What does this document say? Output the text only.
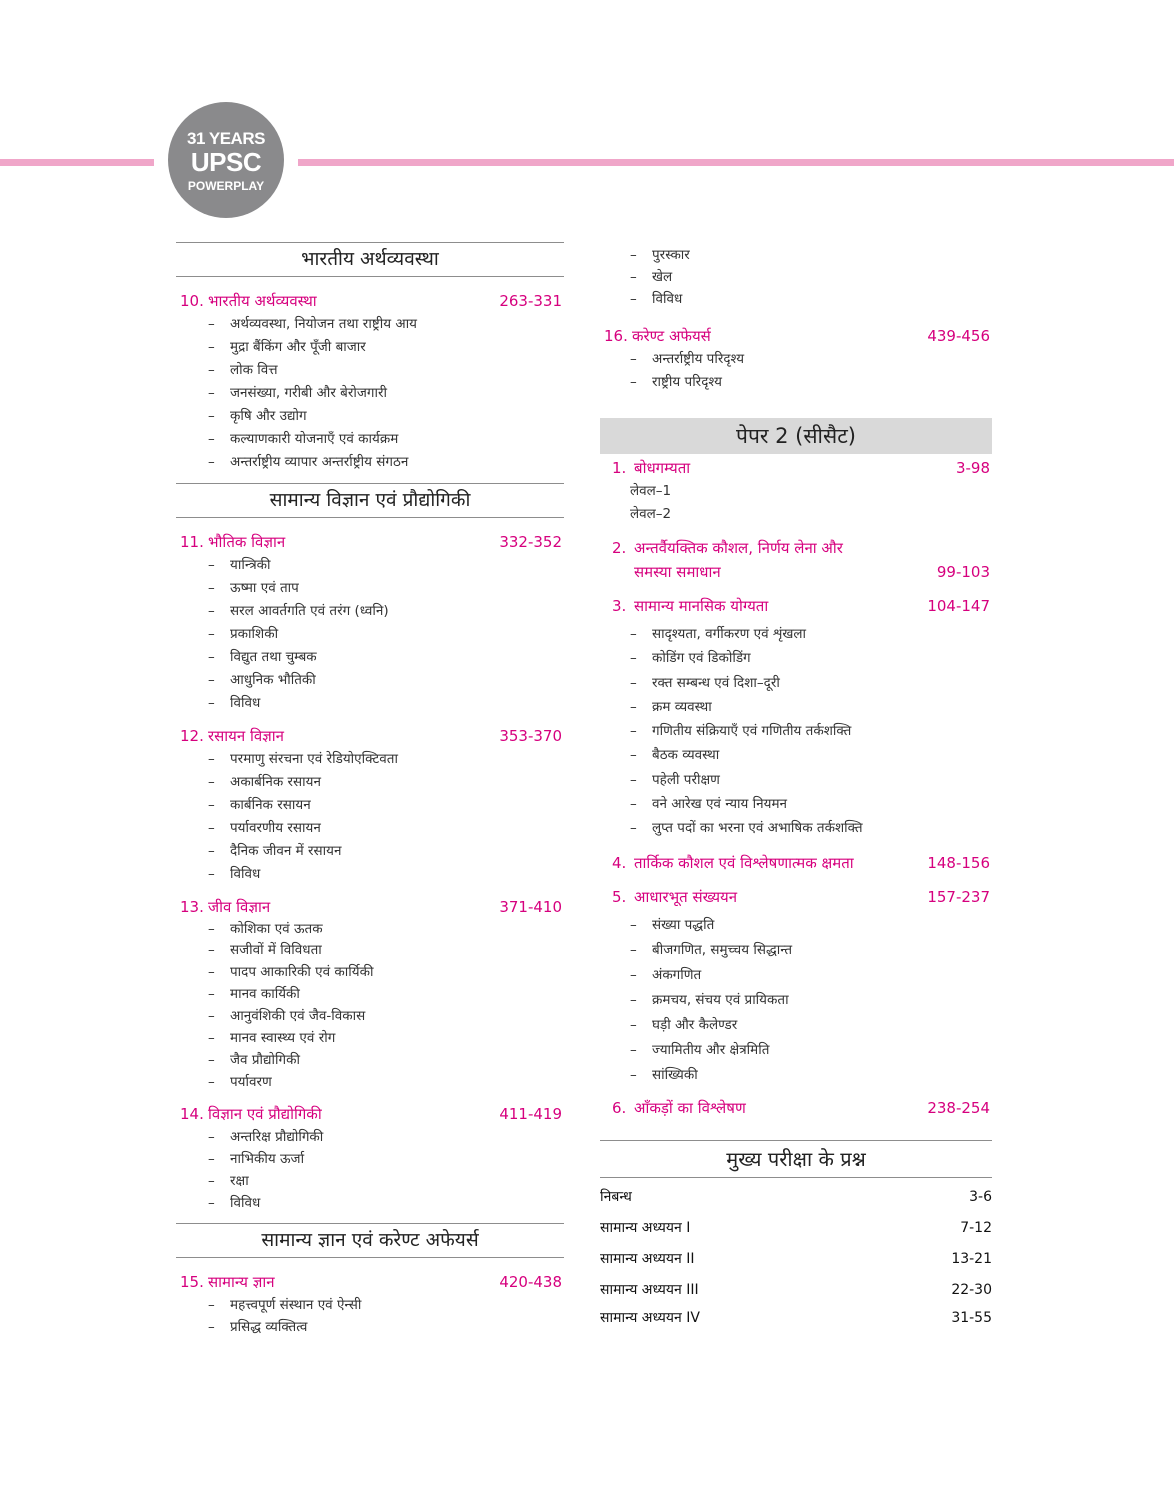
31 YEARS
UPSC
POWERPLAY
भारतीय अर्थव्यवस्था
10. भारतीय अर्थव्यवस्था	263-331
– अर्थव्यवस्था, नियोजन तथा राष्ट्रीय आय
– मुद्रा बैंकिंग और पूँजी बाजार
– लोक वित्त
– जनसंख्या, गरीबी और बेरोजगारी
– कृषि और उद्योग
– कल्याणकारी योजनाएँ एवं कार्यक्रम
– अन्तर्राष्ट्रीय व्यापार अन्तर्राष्ट्रीय संगठन
सामान्य विज्ञान एवं प्रौद्योगिकी
11. भौतिक विज्ञान	332-352
– यान्त्रिकी
– ऊष्मा एवं ताप
– सरल आवर्तगति एवं तरंग (ध्वनि)
– प्रकाशिकी
– विद्युत तथा चुम्बक
– आधुनिक भौतिकी
– विविध
12. रसायन विज्ञान	353-370
– परमाणु संरचना एवं रेडियोएक्टिवता
– अकार्बनिक रसायन
– कार्बनिक रसायन
– पर्यावरणीय रसायन
– दैनिक जीवन में रसायन
– विविध
13. जीव विज्ञान	371-410
– कोशिका एवं ऊतक
– सजीवों में विविधता
– पादप आकारिकी एवं कार्यिकी
– मानव कार्यिकी
– आनुवंशिकी एवं जैव-विकास
– मानव स्वास्थ्य एवं रोग
– जैव प्रौद्योगिकी
– पर्यावरण
14. विज्ञान एवं प्रौद्योगिकी	411-419
– अन्तरिक्ष प्रौद्योगिकी
– नाभिकीय ऊर्जा
– रक्षा
– विविध
सामान्य ज्ञान एवं करेण्ट अफेयर्स
15. सामान्य ज्ञान	420-438
– महत्त्वपूर्ण संस्थान एवं ऐन्सी
– प्रसिद्ध व्यक्तित्व
– पुरस्कार
– खेल
– विविध
16. करेण्ट अफेयर्स	439-456
– अन्तर्राष्ट्रीय परिदृश्य
– राष्ट्रीय परिदृश्य
पेपर 2 (सीसैट)
1. बोधगम्यता	3-98
लेवल–1
लेवल–2
2. अन्तर्वैयक्तिक कौशल, निर्णय लेना और
समस्या समाधान	99-103
3. सामान्य मानसिक योग्यता	104-147
– सादृश्यता, वर्गीकरण एवं शृंखला
– कोडिंग एवं डिकोडिंग
– रक्त सम्बन्ध एवं दिशा–दूरी
– क्रम व्यवस्था
– गणितीय संक्रियाएँ एवं गणितीय तर्कशक्ति
– बैठक व्यवस्था
– पहेली परीक्षण
– वने आरेख एवं न्याय नियमन
– लुप्त पदों का भरना एवं अभाषिक तर्कशक्ति
4. तार्किक कौशल एवं विश्लेषणात्मक क्षमता	148-156
5. आधारभूत संख्ययन	157-237
– संख्या पद्धति
– बीजगणित, समुच्चय सिद्धान्त
– अंकगणित
– क्रमचय, संचय एवं प्रायिकता
– घड़ी और कैलेण्डर
– ज्यामितीय और क्षेत्रमिति
– सांख्यिकी
6. आँकड़ों का विश्लेषण	238-254
मुख्य परीक्षा के प्रश्न
निबन्ध	3-6
सामान्य अध्ययन I	7-12
सामान्य अध्ययन II	13-21
सामान्य अध्ययन III	22-30
सामान्य अध्ययन IV	31-55
